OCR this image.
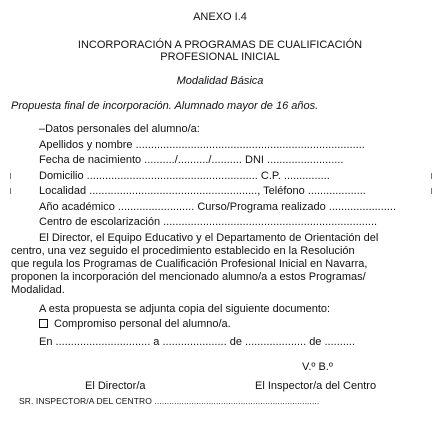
ANEXO I.4
INCORPORACIÓN A PROGRAMAS DE CUALIFICACIÓN
PROFESIONAL INICIAL
Modalidad Básica
Propuesta final de incorporación. Alumnado mayor de 16 años.
–Datos personales del alumno/a:
Apellidos y nombre ...........................................................................
Fecha de nacimiento ........../........../.......... DNI .........................
Domicilio ........................................................ C.P. ...............
Localidad ......................................................., Teléfono ...................
Año académico ......................... Curso/Programa realizado ......................
Centro de escolarización ......................................................................
El Director, el Equipo Educativo y el Departamento de Orientación del
centro, una vez seguido el procedimiento establecido en la Resolución
que regula los Programas de Cualificación Profesional Inicial en Navarra,
proponen la incorporación del mencionado alumno/a a estos Programas/
Modalidad.
A esta propuesta se adjunta copia del siguiente documento:
Compromiso personal del alumno/a.
En ............................... a ..................... de .................... de ..........
V.º B.º
El Director/a	El Inspector/a del Centro
SR. INSPECTOR/A DEL CENTRO ...................................................................
